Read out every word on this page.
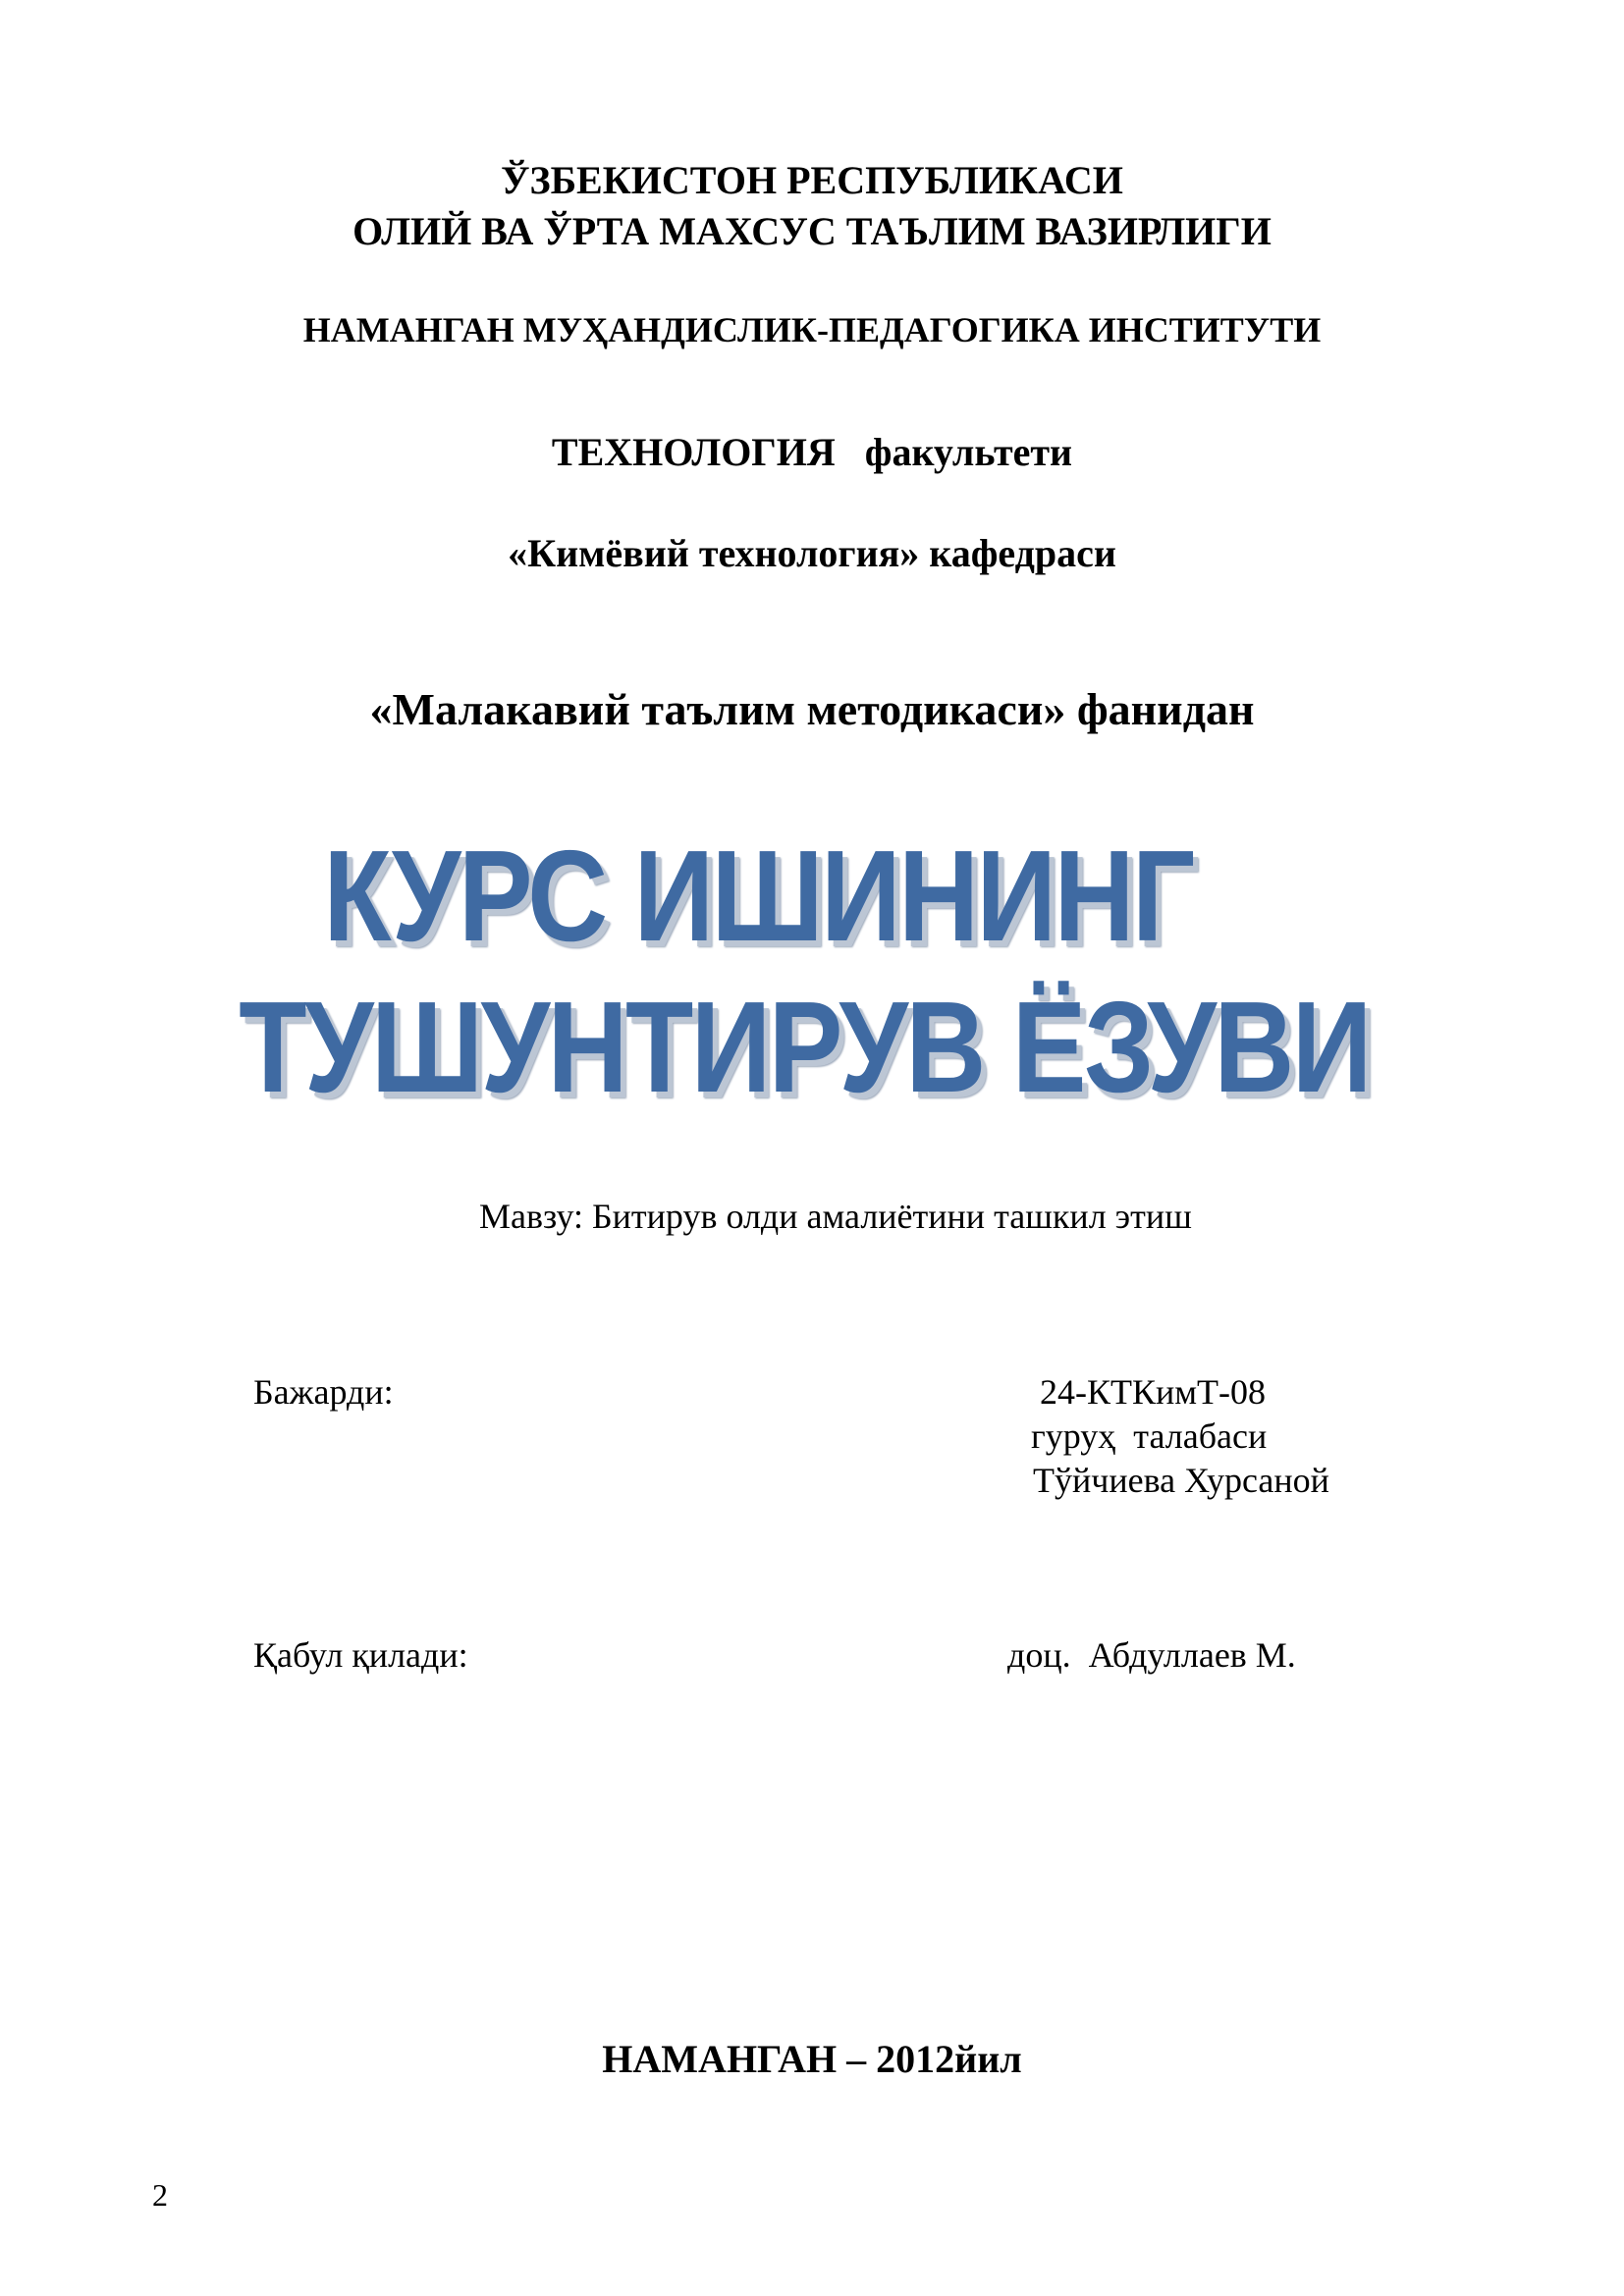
ЎЗБЕКИСТОН РЕСПУБЛИКАСИ
ОЛИЙ ВА ЎРТА МАХСУС ТАЪЛИМ ВАЗИРЛИГИ
НАМАНГАН МУҲАНДИСЛИК-ПЕДАГОГИКА ИНСТИТУТИ
ТЕХНОЛОГИЯ факультети
«Кимёвий технология» кафедраси
«Малакавий таълим методикаси» фанидан
КУРС ИШИНИНГ
ТУШУНТИРУВ ЁЗУВИ
Мавзу: Битирув олди амалиётини ташкил этиш
Бажарди:	24-КТКимТ-08
гуруҳ  талабаси
Тўйчиева Хурсаной
Қабул қилади:	доц.  Абдуллаев М.
НАМАНГАН – 2012йил
2
